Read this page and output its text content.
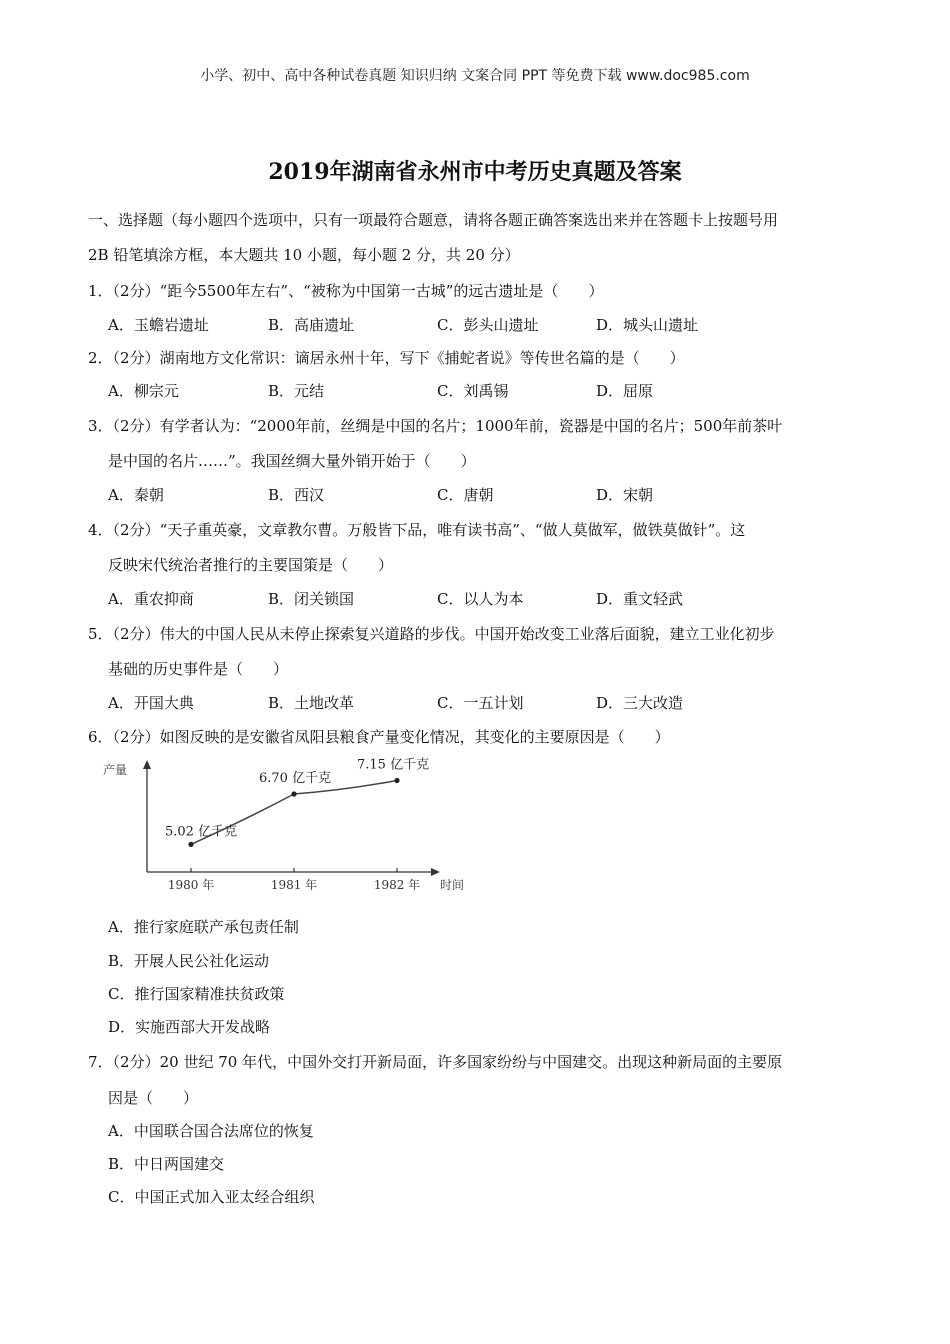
小学、初中、高中各种试卷真题 知识归纳 文案合同 PPT 等免费下载 www.doc985.com
2019年湖南省永州市中考历史真题及答案
一、选择题（每小题四个选项中，只有一项最符合题意，请将各题正确答案选出来并在答题卡上按题号用
2B 铅笔填涂方框，本大题共 10 小题，每小题 2 分，共 20 分）
1．（2分）“距今5500年左右”、“被称为中国第一古城”的远古遗址是（　　）
A．玉蟾岩遗址	B．高庙遗址	C．彭头山遗址	D．城头山遗址
2．（2分）湖南地方文化常识：谪居永州十年，写下《捕蛇者说》等传世名篇的是（　　）
A．柳宗元	B．元结	C．刘禹锡	D．屈原
3．（2分）有学者认为：“2000年前，丝绸是中国的名片；1000年前，瓷器是中国的名片；500年前茶叶
是中国的名片……”。我国丝绸大量外销开始于（　　）
A．秦朝	B．西汉	C．唐朝	D．宋朝
4．（2分）“天子重英豪，文章教尔曹。万般皆下品，唯有读书高”、“做人莫做军，做铁莫做针”。这
反映宋代统治者推行的主要国策是（　　）
A．重农抑商	B．闭关锁国	C．以人为本	D．重文轻武
5．（2分）伟大的中国人民从未停止探索复兴道路的步伐。中国开始改变工业落后面貌，建立工业化初步
基础的历史事件是（　　）
A．开国大典	B．土地改革	C．一五计划	D．三大改造
6．（2分）如图反映的是安徽省凤阳县粮食产量变化情况，其变化的主要原因是（　　）
产量
时间
1980 年
5.02 亿千克
1981 年
6.70 亿千克
1982 年
7.15 亿千克
A．推行家庭联产承包责任制
B．开展人民公社化运动
C．推行国家精准扶贫政策
D．实施西部大开发战略
7．（2分）20 世纪 70 年代，中国外交打开新局面，许多国家纷纷与中国建交。出现这种新局面的主要原
因是（　　）
A．中国联合国合法席位的恢复
B．中日两国建交
C．中国正式加入亚太经合组织
